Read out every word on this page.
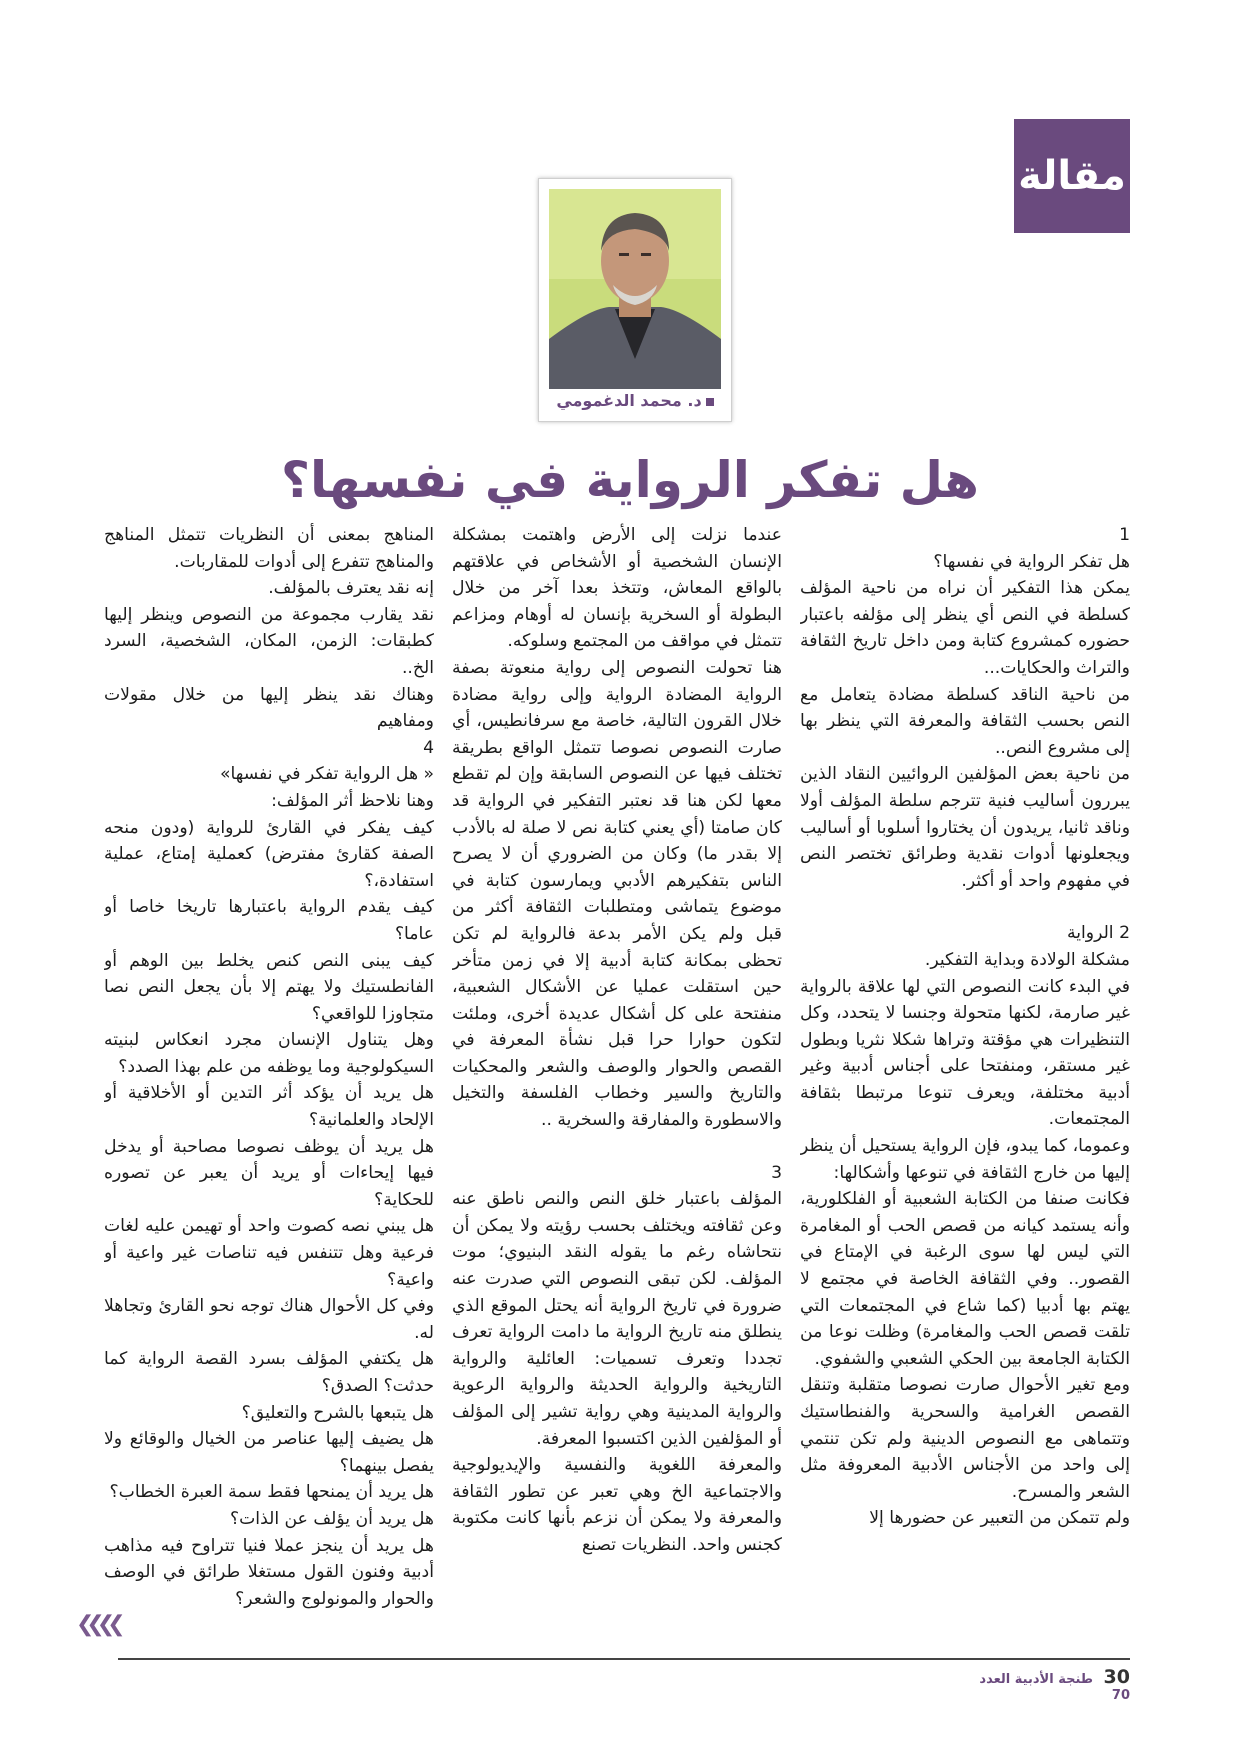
مقالة
د. محمد الدغمومي
هل تفكر الرواية في نفسها؟

1

هل تفكر الرواية في نفسها؟

يمكن هذا التفكير أن نراه من ناحية المؤلف كسلطة في النص أي ينظر إلى مؤلفه باعتبار حضوره كمشروع كتابة ومن داخل تاريخ الثقافة والتراث والحكايات...

من ناحية الناقد كسلطة مضادة يتعامل مع النص بحسب الثقافة والمعرفة التي ينظر بها إلى مشروع النص..

من ناحية بعض المؤلفين الروائيين النقاد الذين يبررون أساليب فنية تترجم سلطة المؤلف أولا وناقد ثانيا، يريدون أن يختاروا أسلوبا أو أساليب ويجعلونها أدوات نقدية وطرائق تختصر النص في مفهوم واحد أو أكثر.

2 الرواية

مشكلة الولادة وبداية التفكير.

في البدء كانت النصوص التي لها علاقة بالرواية غير صارمة، لكنها متحولة وجنسا لا يتحدد، وكل التنظيرات هي مؤقتة وتراها شكلا نثريا وبطول غير مستقر، ومنفتحا على أجناس أدبية وغير أدبية مختلفة، ويعرف تنوعا مرتبطا بثقافة المجتمعات.

وعموما، كما يبدو، فإن الرواية يستحيل أن ينظر إليها من خارج الثقافة في تنوعها وأشكالها:

فكانت صنفا من الكتابة الشعبية أو الفلكلورية، وأنه يستمد كيانه من قصص الحب أو المغامرة التي ليس لها سوى الرغبة في الإمتاع في القصور.. وفي الثقافة الخاصة في مجتمع لا يهتم بها أدبيا (كما شاع في المجتمعات التي تلقت قصص الحب والمغامرة) وظلت نوعا من الكتابة الجامعة بين الحكي الشعبي والشفوي.

ومع تغير الأحوال صارت نصوصا متقلبة وتنقل القصص الغرامية والسحرية والفنطاستيك وتتماهى مع النصوص الدينية ولم تكن تنتمي إلى واحد من الأجناس الأدبية المعروفة مثل الشعر والمسرح.

ولم تتمكن من التعبير عن حضورها إلا

عندما نزلت إلى الأرض واهتمت بمشكلة الإنسان الشخصية أو الأشخاص في علاقتهم بالواقع المعاش، وتتخذ بعدا آخر من خلال البطولة أو السخرية بإنسان له أوهام ومزاعم تتمثل في مواقف من المجتمع وسلوكه.

هنا تحولت النصوص إلى رواية منعوتة بصفة الرواية المضادة الرواية وإلى رواية مضادة خلال القرون التالية، خاصة مع سرفانطيس، أي صارت النصوص نصوصا تتمثل الواقع بطريقة تختلف فيها عن النصوص السابقة وإن لم تقطع معها لكن هنا قد نعتبر التفكير في الرواية قد كان صامتا (أي يعني كتابة نص لا صلة له بالأدب إلا بقدر ما) وكان من الضروري أن لا يصرح الناس بتفكيرهم الأدبي ويمارسون كتابة في موضوع يتماشى ومتطلبات الثقافة أكثر من قبل ولم يكن الأمر بدعة فالرواية لم تكن تحظى بمكانة كتابة أدبية إلا في زمن متأخر حين استقلت عمليا عن الأشكال الشعبية، منفتحة على كل أشكال عديدة أخرى، وملئت لتكون حوارا حرا قبل نشأة المعرفة في القصص والحوار والوصف والشعر والمحكيات والتاريخ والسير وخطاب الفلسفة والتخيل والاسطورة والمفارقة والسخرية ..

3

المؤلف باعتبار خلق النص والنص ناطق عنه وعن ثقافته ويختلف بحسب رؤيته ولا يمكن أن نتحاشاه رغم ما يقوله النقد البنيوي؛ موت المؤلف. لكن تبقى النصوص التي صدرت عنه ضرورة في تاريخ الرواية أنه يحتل الموقع الذي ينطلق منه تاريخ الرواية ما دامت الرواية تعرف تجددا وتعرف تسميات: العائلية والرواية التاريخية والرواية الحديثة والرواية الرعوية والرواية المدينية وهي رواية تشير إلى المؤلف أو المؤلفين الذين اكتسبوا المعرفة.

والمعرفة اللغوية والنفسية والإيديولوجية والاجتماعية الخ وهي تعبر عن تطور الثقافة والمعرفة ولا يمكن أن نزعم بأنها كانت مكتوبة كجنس واحد. النظريات تصنع

المناهج بمعنى أن النظريات تتمثل المناهج والمناهج تتفرع إلى أدوات للمقاربات.

إنه نقد يعترف بالمؤلف.

نقد يقارب مجموعة من النصوص وينظر إليها كطبقات: الزمن، المكان، الشخصية، السرد الخ..

وهناك نقد ينظر إليها من خلال مقولات ومفاهيم

4

« هل الرواية تفكر في نفسها»

وهنا نلاحظ أثر المؤلف:

كيف يفكر في القارئ للرواية (ودون منحه الصفة كقارئ مفترض) كعملية إمتاع، عملية استفادة،؟

كيف يقدم الرواية باعتبارها تاريخا خاصا أو عاما؟

كيف يبنى النص كنص يخلط بين الوهم أو الفانطستيك ولا يهتم إلا بأن يجعل النص نصا متجاوزا للواقعي؟

وهل يتناول الإنسان مجرد انعكاس لبنيته السيكولوجية وما يوظفه من علم بهذا الصدد؟

هل يريد أن يؤكد أثر التدين أو الأخلاقية أو الإلحاد والعلمانية؟

هل يريد أن يوظف نصوصا مصاحبة أو يدخل فيها إيحاءات أو يريد أن يعبر عن تصوره للحكاية؟

هل يبني نصه كصوت واحد أو تهيمن عليه لغات فرعية وهل تتنفس فيه تناصات غير واعية أو واعية؟

وفي كل الأحوال هناك توجه نحو القارئ وتجاهلا له.

هل يكتفي المؤلف بسرد القصة الرواية كما حدثت؟ الصدق؟

هل يتبعها بالشرح والتعليق؟

هل يضيف إليها عناصر من الخيال والوقائع ولا يفصل بينهما؟

هل يريد أن يمنحها فقط سمة العبرة الخطاب؟

هل يريد أن يؤلف عن الذات؟

هل يريد أن ينجز عملا فنيا تتراوح فيه مذاهب أدبية وفنون القول مستغلا طرائق في الوصف والحوار والمونولوج والشعر؟

❮❮❮❮
30 طنجة الأدبية العدد 70
